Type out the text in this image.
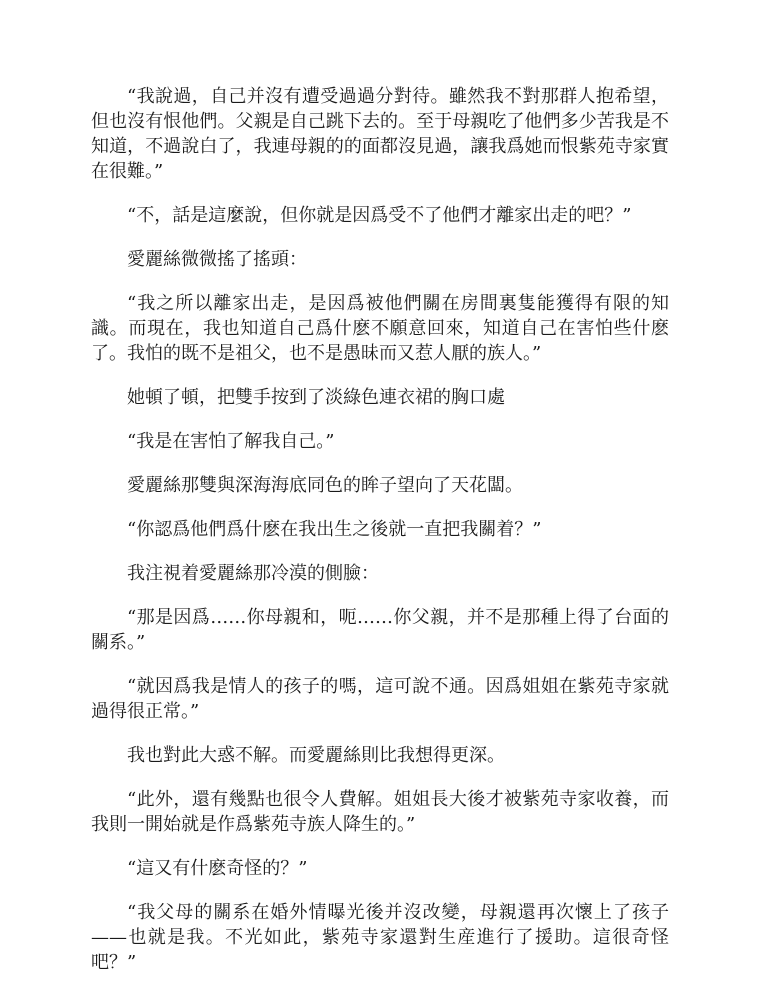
“我說過，自己并沒有遭受過過分對待。雖然我不對那群人抱希望，但也沒有恨他們。父親是自己跳下去的。至于母親吃了他們多少苦我是不知道，不過說白了，我連母親的的面都沒見過，讓我爲她而恨紫苑寺家實在很難。”

“不，話是這麼說，但你就是因爲受不了他們才離家出走的吧？”

愛麗絲微微搖了搖頭：

“我之所以離家出走，是因爲被他們關在房間裏隻能獲得有限的知識。而現在，我也知道自己爲什麽不願意回來，知道自己在害怕些什麽了。我怕的既不是祖父，也不是愚昧而又惹人厭的族人。”

她頓了頓，把雙手按到了淡綠色連衣裙的胸口處

“我是在害怕了解我自己。”

愛麗絲那雙與深海海底同色的眸子望向了天花闆。

“你認爲他們爲什麽在我出生之後就一直把我關着？”

我注視着愛麗絲那冷漠的側臉：

“那是因爲……你母親和，呃……你父親，并不是那種上得了台面的關系。”

“就因爲我是情人的孩子的嗎，這可說不通。因爲姐姐在紫苑寺家就過得很正常。”

我也對此大惑不解。而愛麗絲則比我想得更深。

“此外，還有幾點也很令人費解。姐姐長大後才被紫苑寺家收養，而我則一開始就是作爲紫苑寺族人降生的。”

“這又有什麽奇怪的？”

“我父母的關系在婚外情曝光後并沒改變，母親還再次懷上了孩子——也就是我。不光如此，紫苑寺家還對生産進行了援助。這很奇怪吧？”
